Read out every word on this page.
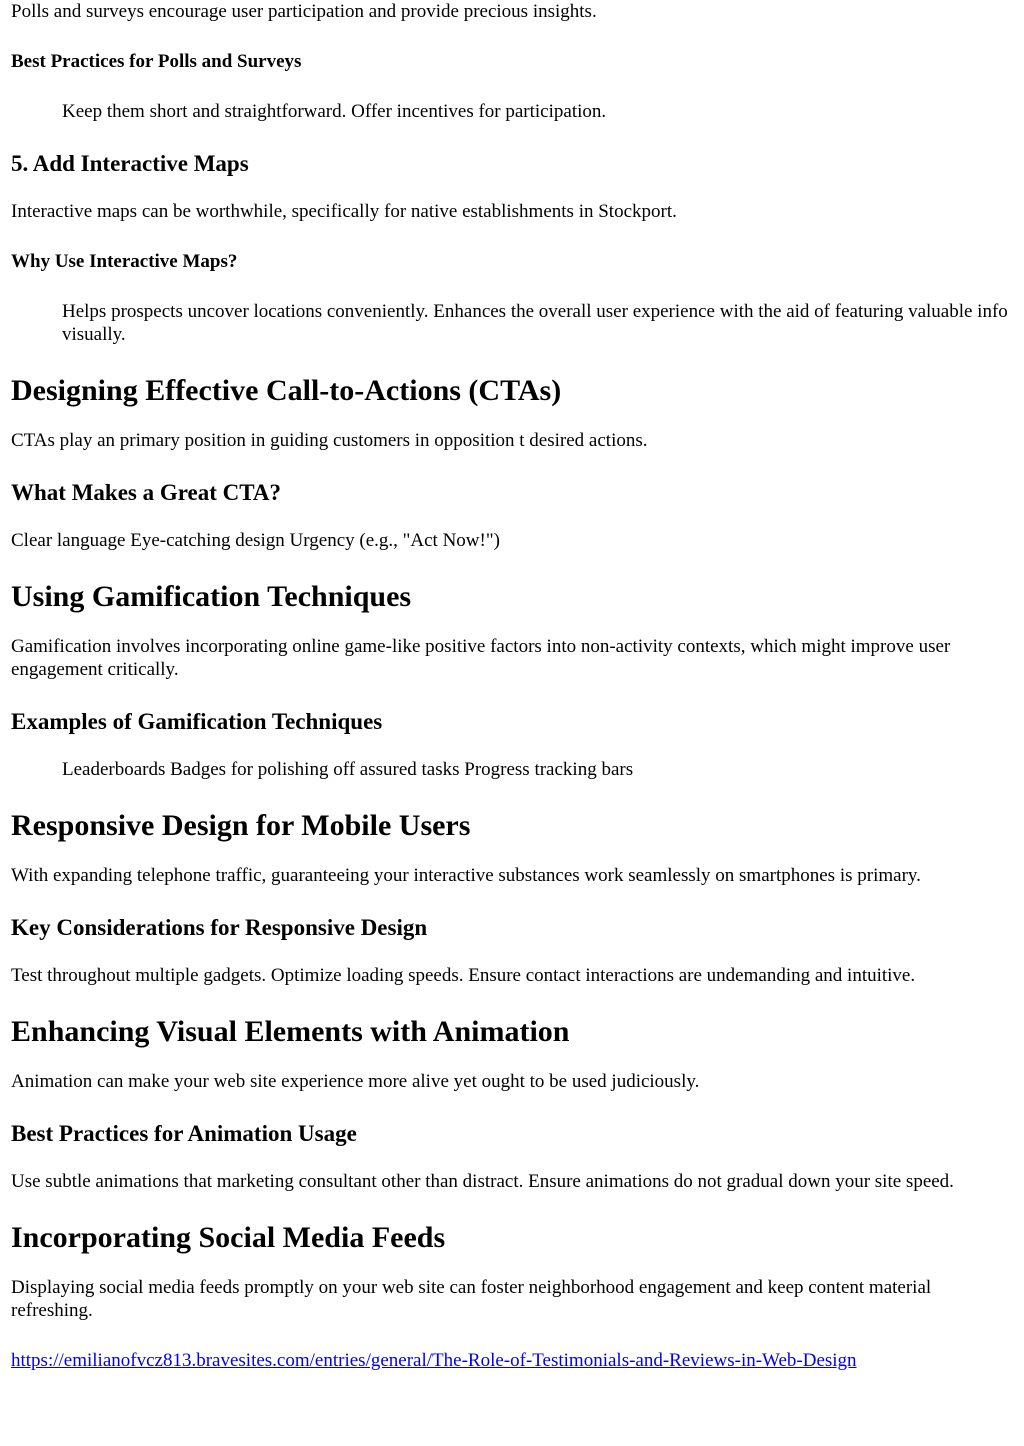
Polls and surveys encourage user participation and provide precious insights.

Best Practices for Polls and Surveys
Keep them short and straightforward. Offer incentives for participation.
5. Add Interactive Maps

Interactive maps can be worthwhile, specifically for native establishments in Stockport.

Why Use Interactive Maps?
Helps prospects uncover locations conveniently. Enhances the overall user experience with the aid of featuring valuable info visually.
Designing Effective Call-to-Actions (CTAs)

CTAs play an primary position in guiding customers in opposition t desired actions.

What Makes a Great CTA?

Clear language Eye-catching design Urgency (e.g., "Act Now!")

Using Gamification Techniques

Gamification involves incorporating online game-like positive factors into non-activity contexts, which might improve user engagement critically.

Examples of Gamification Techniques
Leaderboards Badges for polishing off assured tasks Progress tracking bars
Responsive Design for Mobile Users

With expanding telephone traffic, guaranteeing your interactive substances work seamlessly on smartphones is primary.

Key Considerations for Responsive Design

Test throughout multiple gadgets. Optimize loading speeds. Ensure contact interactions are undemanding and intuitive.

Enhancing Visual Elements with Animation

Animation can make your web site experience more alive yet ought to be used judiciously.

Best Practices for Animation Usage

Use subtle animations that marketing consultant other than distract. Ensure animations do not gradual down your site speed.

Incorporating Social Media Feeds

Displaying social media feeds promptly on your web site can foster neighborhood engagement and keep content material refreshing.

https://emilianofvcz813.bravesites.com/entries/general/The-Role-of-Testimonials-and-Reviews-in-Web-Design
